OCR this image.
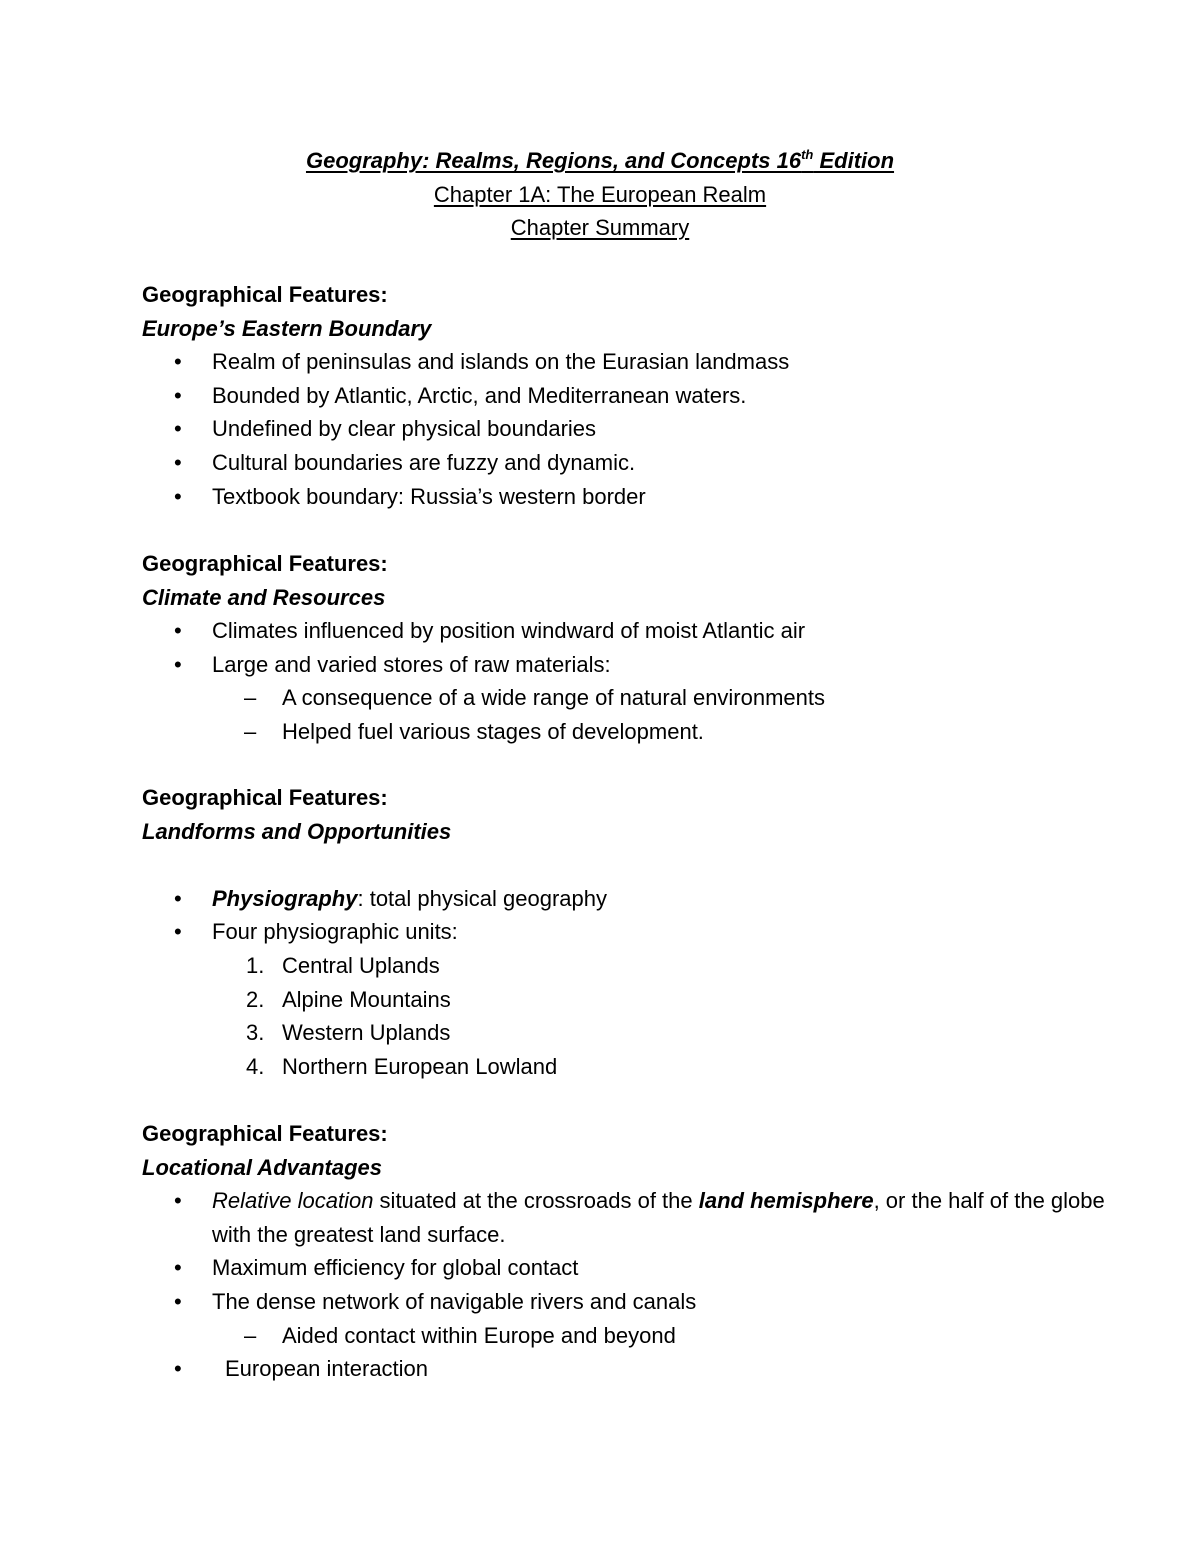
Geography: Realms, Regions, and Concepts 16th Edition
Chapter 1A: The European Realm
Chapter Summary
Geographical Features:
Europe’s Eastern Boundary
• Realm of peninsulas and islands on the Eurasian landmass
• Bounded by Atlantic, Arctic, and Mediterranean waters.
• Undefined by clear physical boundaries
• Cultural boundaries are fuzzy and dynamic.
• Textbook boundary: Russia’s western border
Geographical Features:
Climate and Resources
• Climates influenced by position windward of moist Atlantic air
• Large and varied stores of raw materials:
– A consequence of a wide range of natural environments
– Helped fuel various stages of development.
Geographical Features:
Landforms and Opportunities
• Physiography: total physical geography
• Four physiographic units:
1. Central Uplands
2. Alpine Mountains
3. Western Uplands
4. Northern European Lowland
Geographical Features:
Locational Advantages
• Relative location situated at the crossroads of the land hemisphere, or the half of the globe with the greatest land surface.
• Maximum efficiency for global contact
• The dense network of navigable rivers and canals
– Aided contact within Europe and beyond
• European interaction
